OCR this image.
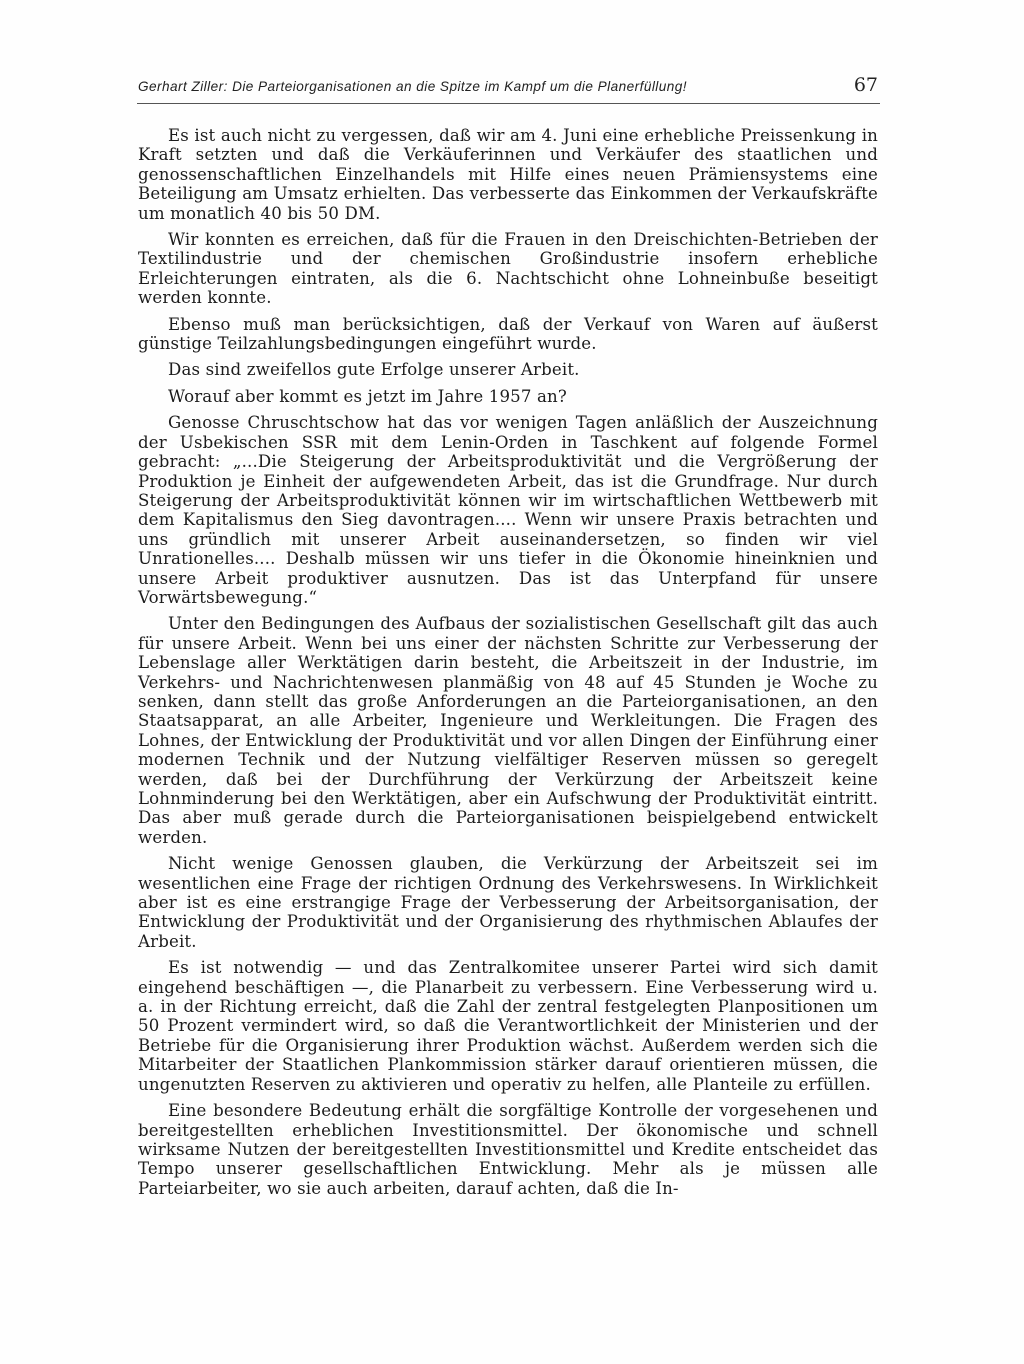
Gerhart Ziller: Die Parteiorganisationen an die Spitze im Kampf um die Planerfüllung!	67

Es ist auch nicht zu vergessen, daß wir am 4. Juni eine erhebliche Preissenkung in Kraft setzten und daß die Verkäuferinnen und Verkäufer des staatlichen und genossenschaftlichen Einzelhandels mit Hilfe eines neuen Prämiensystems eine Beteiligung am Umsatz erhielten. Das verbesserte das Einkommen der Verkaufskräfte um monatlich 40 bis 50 DM.

Wir konnten es erreichen, daß für die Frauen in den Dreischichten-Betrieben der Textilindustrie und der chemischen Großindustrie insofern erhebliche Erleichterungen eintraten, als die 6. Nachtschicht ohne Lohneinbuße beseitigt werden konnte.

Ebenso muß man berücksichtigen, daß der Verkauf von Waren auf äußerst günstige Teilzahlungsbedingungen eingeführt wurde.

Das sind zweifellos gute Erfolge unserer Arbeit.

Worauf aber kommt es jetzt im Jahre 1957 an?

Genosse Chruschtschow hat das vor wenigen Tagen anläßlich der Auszeichnung der Usbekischen SSR mit dem Lenin-Orden in Taschkent auf folgende Formel gebracht: „...Die Steigerung der Arbeitsproduktivität und die Vergrößerung der Produktion je Einheit der aufgewendeten Arbeit, das ist die Grundfrage. Nur durch Steigerung der Arbeitsproduktivität können wir im wirtschaftlichen Wettbewerb mit dem Kapitalismus den Sieg davontragen.... Wenn wir unsere Praxis betrachten und uns gründlich mit unserer Arbeit auseinandersetzen, so finden wir viel Unrationelles.... Deshalb müssen wir uns tiefer in die Ökonomie hineinknien und unsere Arbeit produktiver ausnutzen. Das ist das Unterpfand für unsere Vorwärtsbewegung.“

Unter den Bedingungen des Aufbaus der sozialistischen Gesellschaft gilt das auch für unsere Arbeit. Wenn bei uns einer der nächsten Schritte zur Verbesserung der Lebenslage aller Werktätigen darin besteht, die Arbeitszeit in der Industrie, im Verkehrs- und Nachrichtenwesen planmäßig von 48 auf 45 Stunden je Woche zu senken, dann stellt das große Anforderungen an die Parteiorganisationen, an den Staatsapparat, an alle Arbeiter, Ingenieure und Werkleitungen. Die Fragen des Lohnes, der Entwicklung der Produktivität und vor allen Dingen der Einführung einer modernen Technik und der Nutzung vielfältiger Reserven müssen so geregelt werden, daß bei der Durchführung der Verkürzung der Arbeitszeit keine Lohnminderung bei den Werktätigen, aber ein Aufschwung der Produktivität eintritt. Das aber muß gerade durch die Parteiorganisationen beispielgebend entwickelt werden.

Nicht wenige Genossen glauben, die Verkürzung der Arbeitszeit sei im wesentlichen eine Frage der richtigen Ordnung des Verkehrswesens. In Wirklichkeit aber ist es eine erstrangige Frage der Verbesserung der Arbeitsorganisation, der Entwicklung der Produktivität und der Organisierung des rhythmischen Ablaufes der Arbeit.

Es ist notwendig — und das Zentralkomitee unserer Partei wird sich damit eingehend beschäftigen —, die Planarbeit zu verbessern. Eine Verbesserung wird u. a. in der Richtung erreicht, daß die Zahl der zentral festgelegten Planpositionen um 50 Prozent vermindert wird, so daß die Verantwortlichkeit der Ministerien und der Betriebe für die Organisierung ihrer Produktion wächst. Außerdem werden sich die Mitarbeiter der Staatlichen Plankommission stärker darauf orientieren müssen, die ungenutzten Reserven zu aktivieren und operativ zu helfen, alle Planteile zu erfüllen.

Eine besondere Bedeutung erhält die sorgfältige Kontrolle der vorgesehenen und bereitgestellten erheblichen Investitionsmittel. Der ökonomische und schnell wirksame Nutzen der bereitgestellten Investitionsmittel und Kredite entscheidet das Tempo unserer gesellschaftlichen Entwicklung. Mehr als je müssen alle Parteiarbeiter, wo sie auch arbeiten, darauf achten, daß die In-
